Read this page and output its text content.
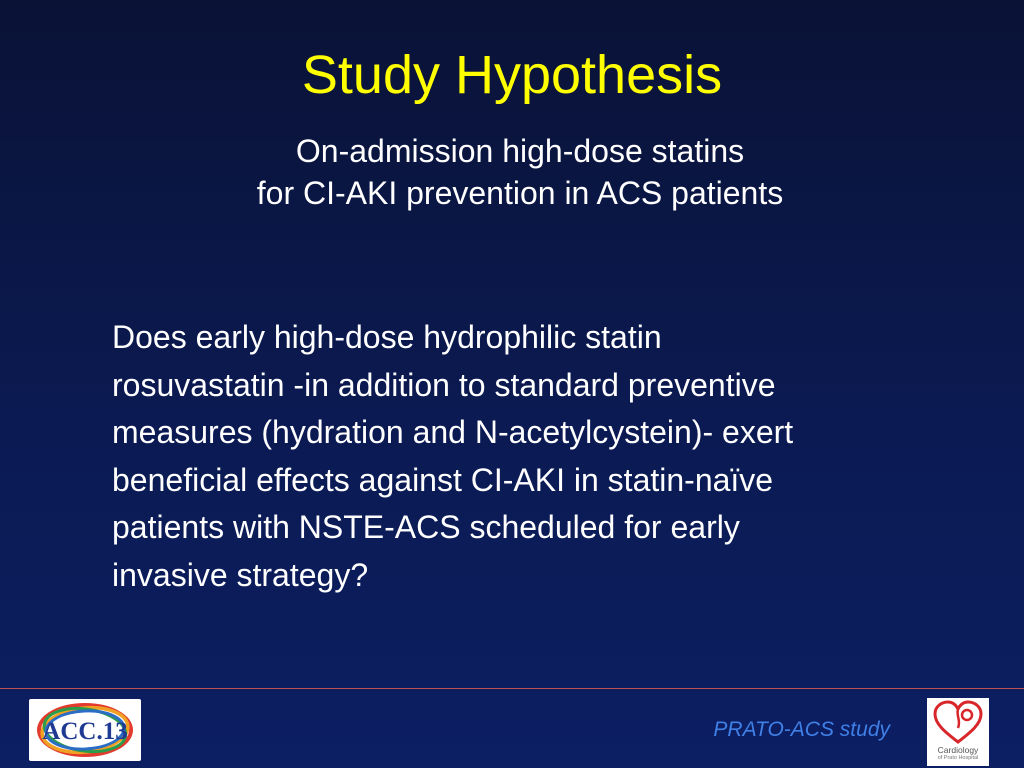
Study Hypothesis
On-admission high-dose statins
for CI-AKI prevention in ACS patients
Does early high-dose hydrophilic statin
rosuvastatin -in addition to standard preventive
measures (hydration and N-acetylcystein)- exert
beneficial effects against CI-AKI in statin-naïve
patients with NSTE-ACS scheduled for early
invasive strategy?
ACC.13	PRATO-ACS study
Cardiology
of Prato Hospital
